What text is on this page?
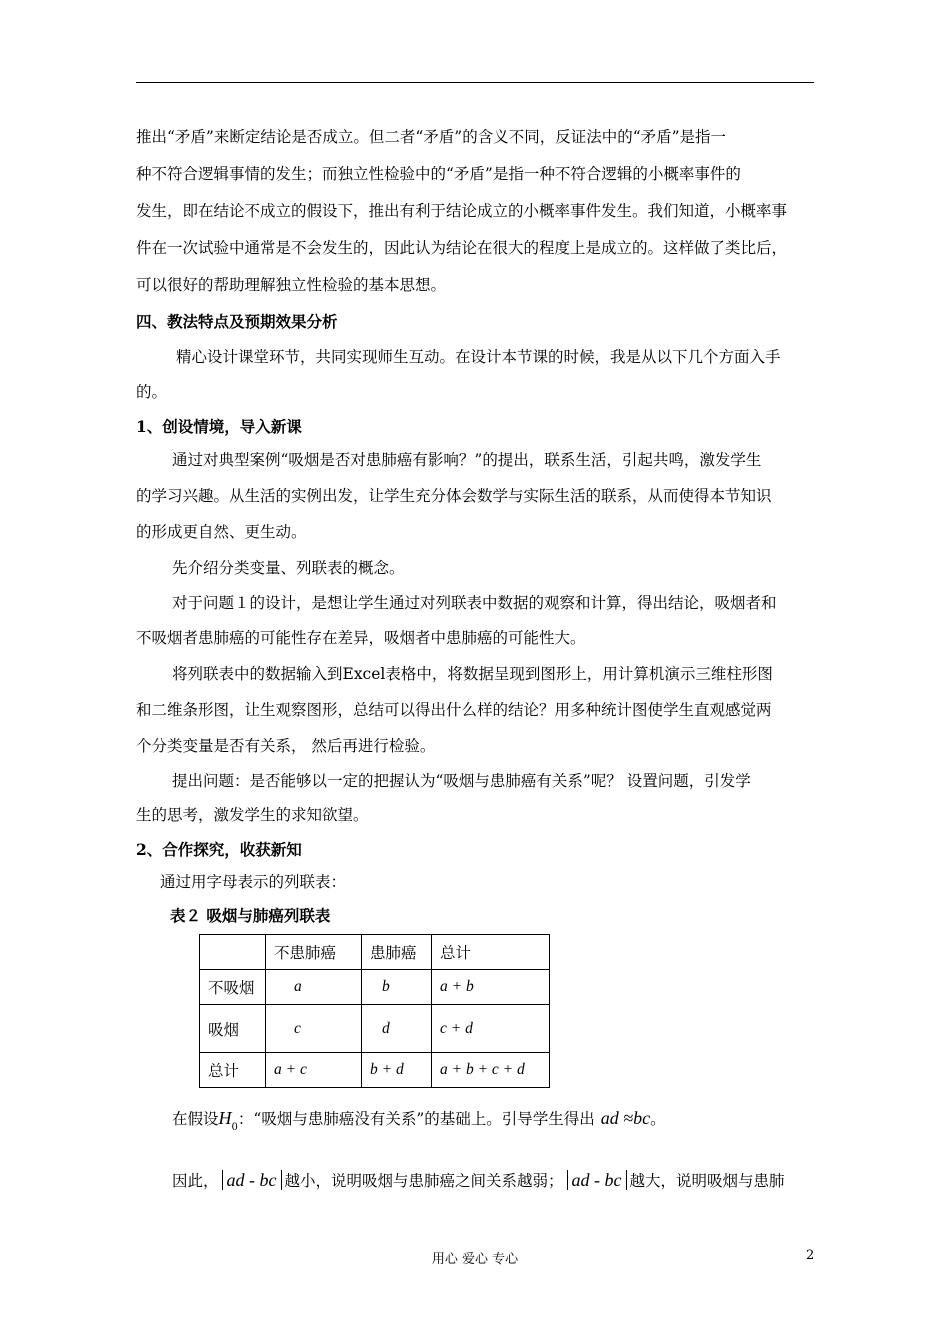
推出“矛盾”来断定结论是否成立。但二者“矛盾”的含义不同，反证法中的“矛盾”是指一
种不符合逻辑事情的发生；而独立性检验中的“矛盾”是指一种不符合逻辑的小概率事件的
发生，即在结论不成立的假设下，推出有利于结论成立的小概率事件发生。我们知道，小概率事
件在一次试验中通常是不会发生的，因此认为结论在很大的程度上是成立的。这样做了类比后，
可以很好的帮助理解独立性检验的基本思想。
四、教法特点及预期效果分析
精心设计课堂环节，共同实现师生互动。在设计本节课的时候，我是从以下几个方面入手
的。
1、创设情境，导入新课
通过对典型案例“吸烟是否对患肺癌有影响？”的提出，联系生活，引起共鸣，激发学生
的学习兴趣。从生活的实例出发，让学生充分体会数学与实际生活的联系，从而使得本节知识
的形成更自然、更生动。
先介绍分类变量、列联表的概念。
对于问题１的设计，是想让学生通过对列联表中数据的观察和计算，得出结论，吸烟者和
不吸烟者患肺癌的可能性存在差异，吸烟者中患肺癌的可能性大。
将列联表中的数据输入到Excel表格中，将数据呈现到图形上，用计算机演示三维柱形图
和二维条形图，让生观察图形，总结可以得出什么样的结论？用多种统计图使学生直观感觉两
个分类变量是否有关系， 然后再进行检验。
提出问题：是否能够以一定的把握认为“吸烟与患肺癌有关系”呢？ 设置问题，引发学
生的思考，激发学生的求知欲望。
2、合作探究，收获新知
通过用字母表示的列联表：
表２ 吸烟与肺癌列联表
	不患肺癌	患肺癌	总计
不吸烟	a	b	a + b
吸烟	c	d	c + d
总计	a + c	b + d	a + b + c + d
在假设$H_0$：“吸烟与患肺癌没有关系”的基础上。引导学生得出 ad ≈bc。
因此， ad - bc 越小，说明吸烟与患肺癌之间关系越弱； ad - bc 越大，说明吸烟与患肺
用心 爱心 专心	2
